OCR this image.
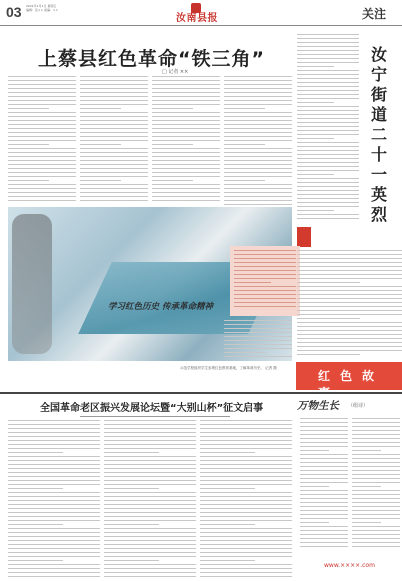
03 2021年1月1日 星期五
编辑：张×× 美编：××
汝南县报	关注
上蔡县红色革命“铁三角”
□ 记者 ××
汝
宁
街
道
二
十
一
英
烈
学习红色历史 传承革命精神
示范学校组织学生参观红色教育基地，了解革命历史。 记者 摄
红色故
全国革命老区振兴发展论坛暨“大别山杯”征文启事	万物生长 （组诗）
www.××××.com
